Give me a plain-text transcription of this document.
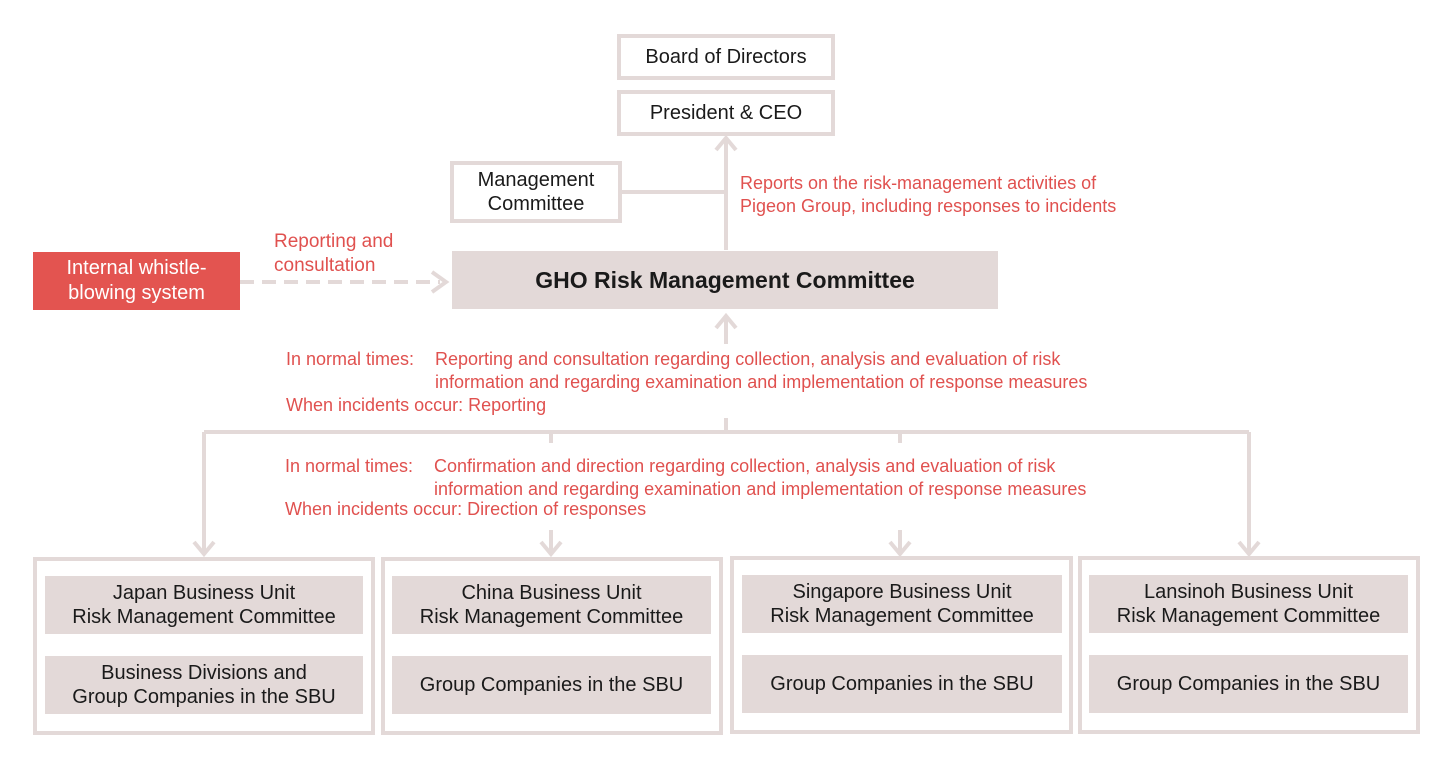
Board of Directors
President & CEO
Management
Committee
Reports on the risk-management activities of
Pigeon Group, including responses to incidents
GHO Risk Management Committee
Internal whistle-
blowing system
Reporting and
consultation
In normal times: Reporting and consultation regarding collection, analysis and evaluation of risk
information and regarding examination and implementation of response measures
When incidents occur: Reporting
In normal times: Confirmation and direction regarding collection, analysis and evaluation of risk
information and regarding examination and implementation of response measures
When incidents occur: Direction of responses
Japan Business Unit
Risk Management Committee
Business Divisions and
Group Companies in the SBU
China Business Unit
Risk Management Committee
Group Companies in the SBU
Singapore Business Unit
Risk Management Committee
Group Companies in the SBU
Lansinoh Business Unit
Risk Management Committee
Group Companies in the SBU
